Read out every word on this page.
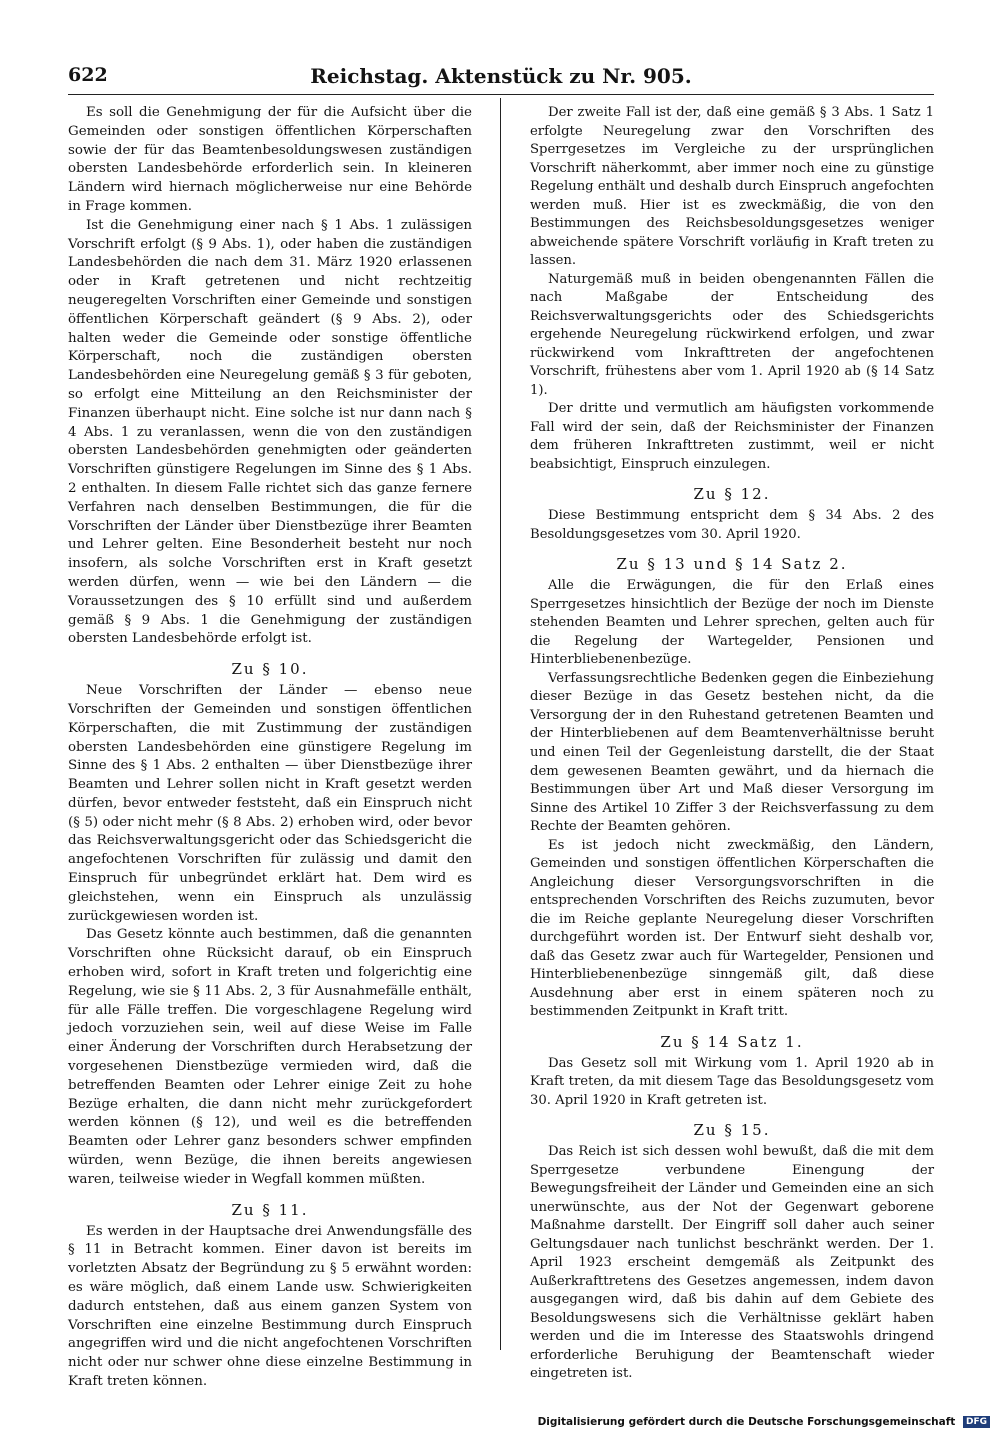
622	Reichstag. Aktenstück zu Nr. 905.

Es soll die Genehmigung der für die Aufsicht über die Gemeinden oder sonstigen öffentlichen Körperschaften sowie der für das Beamtenbesoldungswesen zuständigen obersten Landesbehörde erforderlich sein. In kleineren Ländern wird hiernach möglicherweise nur eine Behörde in Frage kommen.

Ist die Genehmigung einer nach § 1 Abs. 1 zulässigen Vorschrift erfolgt (§ 9 Abs. 1), oder haben die zuständigen Landesbehörden die nach dem 31. März 1920 erlassenen oder in Kraft getretenen und nicht rechtzeitig neugeregelten Vorschriften einer Gemeinde und sonstigen öffentlichen Körperschaft geändert (§ 9 Abs. 2), oder halten weder die Gemeinde oder sonstige öffentliche Körperschaft, noch die zuständigen obersten Landesbehörden eine Neuregelung gemäß § 3 für geboten, so erfolgt eine Mitteilung an den Reichsminister der Finanzen überhaupt nicht. Eine solche ist nur dann nach § 4 Abs. 1 zu veranlassen, wenn die von den zuständigen obersten Landesbehörden genehmigten oder geänderten Vorschriften günstigere Regelungen im Sinne des § 1 Abs. 2 enthalten. In diesem Falle richtet sich das ganze fernere Verfahren nach denselben Bestimmungen, die für die Vorschriften der Länder über Dienstbezüge ihrer Beamten und Lehrer gelten. Eine Besonderheit besteht nur noch insofern, als solche Vorschriften erst in Kraft gesetzt werden dürfen, wenn — wie bei den Ländern — die Voraussetzungen des § 10 erfüllt sind und außerdem gemäß § 9 Abs. 1 die Genehmigung der zuständigen obersten Landesbehörde erfolgt ist.

Zu § 10.

Neue Vorschriften der Länder — ebenso neue Vorschriften der Gemeinden und sonstigen öffentlichen Körperschaften, die mit Zustimmung der zuständigen obersten Landesbehörden eine günstigere Regelung im Sinne des § 1 Abs. 2 enthalten — über Dienstbezüge ihrer Beamten und Lehrer sollen nicht in Kraft gesetzt werden dürfen, bevor entweder feststeht, daß ein Einspruch nicht (§ 5) oder nicht mehr (§ 8 Abs. 2) erhoben wird, oder bevor das Reichsverwaltungsgericht oder das Schiedsgericht die angefochtenen Vorschriften für zulässig und damit den Einspruch für unbegründet erklärt hat. Dem wird es gleichstehen, wenn ein Einspruch als unzulässig zurückgewiesen worden ist.

Das Gesetz könnte auch bestimmen, daß die genannten Vorschriften ohne Rücksicht darauf, ob ein Einspruch erhoben wird, sofort in Kraft treten und folgerichtig eine Regelung, wie sie § 11 Abs. 2, 3 für Ausnahmefälle enthält, für alle Fälle treffen. Die vorgeschlagene Regelung wird jedoch vorzuziehen sein, weil auf diese Weise im Falle einer Änderung der Vorschriften durch Herabsetzung der vorgesehenen Dienstbezüge vermieden wird, daß die betreffenden Beamten oder Lehrer einige Zeit zu hohe Bezüge erhalten, die dann nicht mehr zurückgefordert werden können (§ 12), und weil es die betreffenden Beamten oder Lehrer ganz besonders schwer empfinden würden, wenn Bezüge, die ihnen bereits angewiesen waren, teilweise wieder in Wegfall kommen müßten.

Zu § 11.

Es werden in der Hauptsache drei Anwendungsfälle des § 11 in Betracht kommen. Einer davon ist bereits im vorletzten Absatz der Begründung zu § 5 erwähnt worden: es wäre möglich, daß einem Lande usw. Schwierigkeiten dadurch entstehen, daß aus einem ganzen System von Vorschriften eine einzelne Bestimmung durch Einspruch angegriffen wird und die nicht angefochtenen Vorschriften nicht oder nur schwer ohne diese einzelne Bestimmung in Kraft treten können.

Der zweite Fall ist der, daß eine gemäß § 3 Abs. 1 Satz 1 erfolgte Neuregelung zwar den Vorschriften des Sperrgesetzes im Vergleiche zu der ursprünglichen Vorschrift näherkommt, aber immer noch eine zu günstige Regelung enthält und deshalb durch Einspruch angefochten werden muß. Hier ist es zweckmäßig, die von den Bestimmungen des Reichsbesoldungsgesetzes weniger abweichende spätere Vorschrift vorläufig in Kraft treten zu lassen.

Naturgemäß muß in beiden obengenannten Fällen die nach Maßgabe der Entscheidung des Reichsverwaltungsgerichts oder des Schiedsgerichts ergehende Neuregelung rückwirkend erfolgen, und zwar rückwirkend vom Inkrafttreten der angefochtenen Vorschrift, frühestens aber vom 1. April 1920 ab (§ 14 Satz 1).

Der dritte und vermutlich am häufigsten vorkommende Fall wird der sein, daß der Reichsminister der Finanzen dem früheren Inkrafttreten zustimmt, weil er nicht beabsichtigt, Einspruch einzulegen.

Zu § 12.

Diese Bestimmung entspricht dem § 34 Abs. 2 des Besoldungsgesetzes vom 30. April 1920.

Zu § 13 und § 14 Satz 2.

Alle die Erwägungen, die für den Erlaß eines Sperrgesetzes hinsichtlich der Bezüge der noch im Dienste stehenden Beamten und Lehrer sprechen, gelten auch für die Regelung der Wartegelder, Pensionen und Hinterbliebenenbezüge.

Verfassungsrechtliche Bedenken gegen die Einbeziehung dieser Bezüge in das Gesetz bestehen nicht, da die Versorgung der in den Ruhestand getretenen Beamten und der Hinterbliebenen auf dem Beamtenverhältnisse beruht und einen Teil der Gegenleistung darstellt, die der Staat dem gewesenen Beamten gewährt, und da hiernach die Bestimmungen über Art und Maß dieser Versorgung im Sinne des Artikel 10 Ziffer 3 der Reichsverfassung zu dem Rechte der Beamten gehören.

Es ist jedoch nicht zweckmäßig, den Ländern, Gemeinden und sonstigen öffentlichen Körperschaften die Angleichung dieser Versorgungsvorschriften in die entsprechenden Vorschriften des Reichs zuzumuten, bevor die im Reiche geplante Neuregelung dieser Vorschriften durchgeführt worden ist. Der Entwurf sieht deshalb vor, daß das Gesetz zwar auch für Wartegelder, Pensionen und Hinterbliebenenbezüge sinngemäß gilt, daß diese Ausdehnung aber erst in einem späteren noch zu bestimmenden Zeitpunkt in Kraft tritt.

Zu § 14 Satz 1.

Das Gesetz soll mit Wirkung vom 1. April 1920 ab in Kraft treten, da mit diesem Tage das Besoldungsgesetz vom 30. April 1920 in Kraft getreten ist.

Zu § 15.

Das Reich ist sich dessen wohl bewußt, daß die mit dem Sperrgesetze verbundene Einengung der Bewegungsfreiheit der Länder und Gemeinden eine an sich unerwünschte, aus der Not der Gegenwart geborene Maßnahme darstellt. Der Eingriff soll daher auch seiner Geltungsdauer nach tunlichst beschränkt werden. Der 1. April 1923 erscheint demgemäß als Zeitpunkt des Außerkrafttretens des Gesetzes angemessen, indem davon ausgegangen wird, daß bis dahin auf dem Gebiete des Besoldungswesens sich die Verhältnisse geklärt haben werden und die im Interesse des Staatswohls dringend erforderliche Beruhigung der Beamtenschaft wieder eingetreten ist.

Digitalisierung gefördert durch die Deutsche Forschungsgemeinschaft DFG
